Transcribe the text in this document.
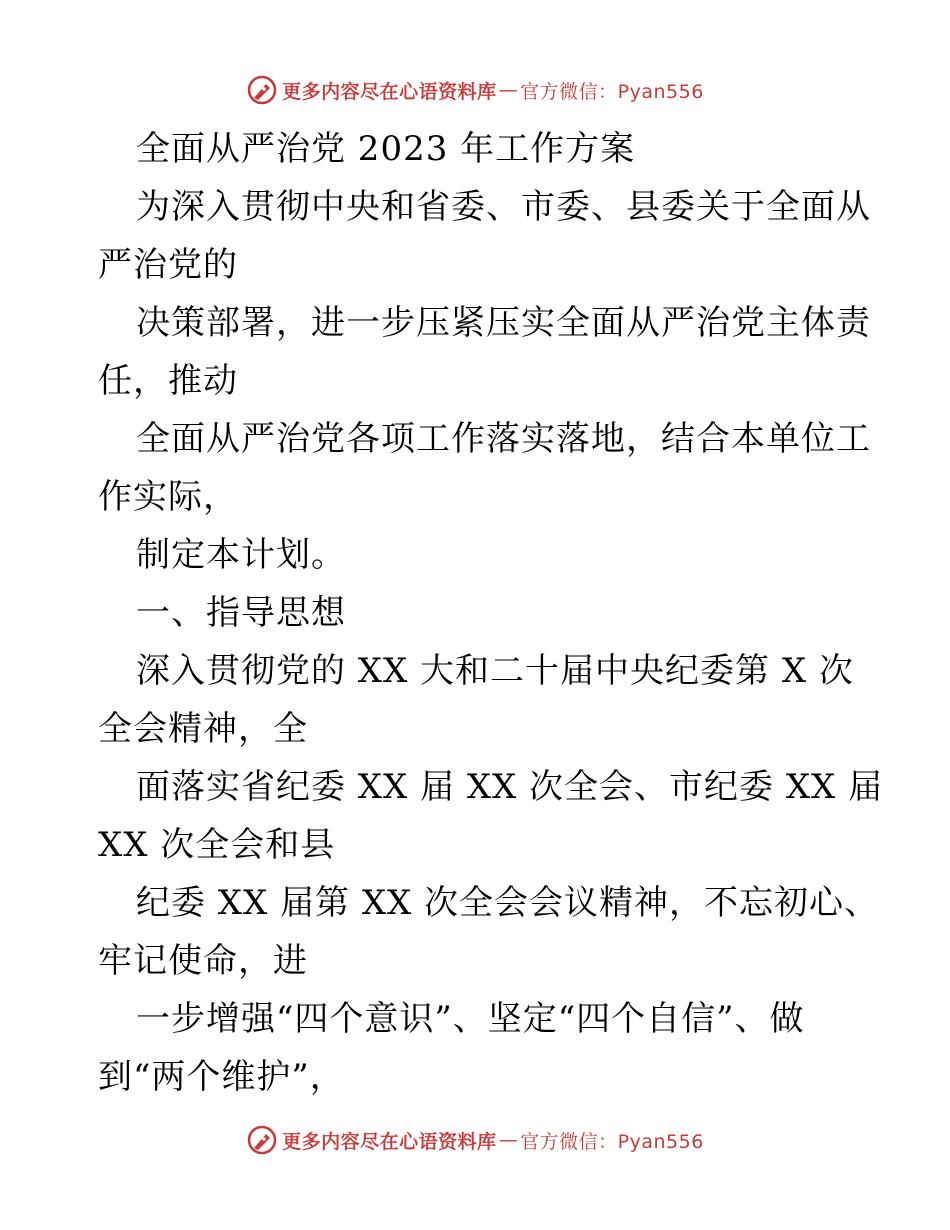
更多内容尽在心语资料库 — 官方微信：Pyan556
全面从严治党 2023 年工作方案
为深入贯彻中央和省委、市委、县委关于全面从
严治党的
决策部署，进一步压紧压实全面从严治党主体责
任，推动
全面从严治党各项工作落实落地，结合本单位工
作实际，
制定本计划。
一、指导思想
深入贯彻党的 XX 大和二十届中央纪委第 X 次
全会精神，全
面落实省纪委 XX 届 XX 次全会、市纪委 XX 届
XX 次全会和县
纪委 XX 届第 XX 次全会会议精神，不忘初心、
牢记使命，进
一步增强“四个意识”、坚定“四个自信”、做
到“两个维护”，
更多内容尽在心语资料库 — 官方微信：Pyan556
